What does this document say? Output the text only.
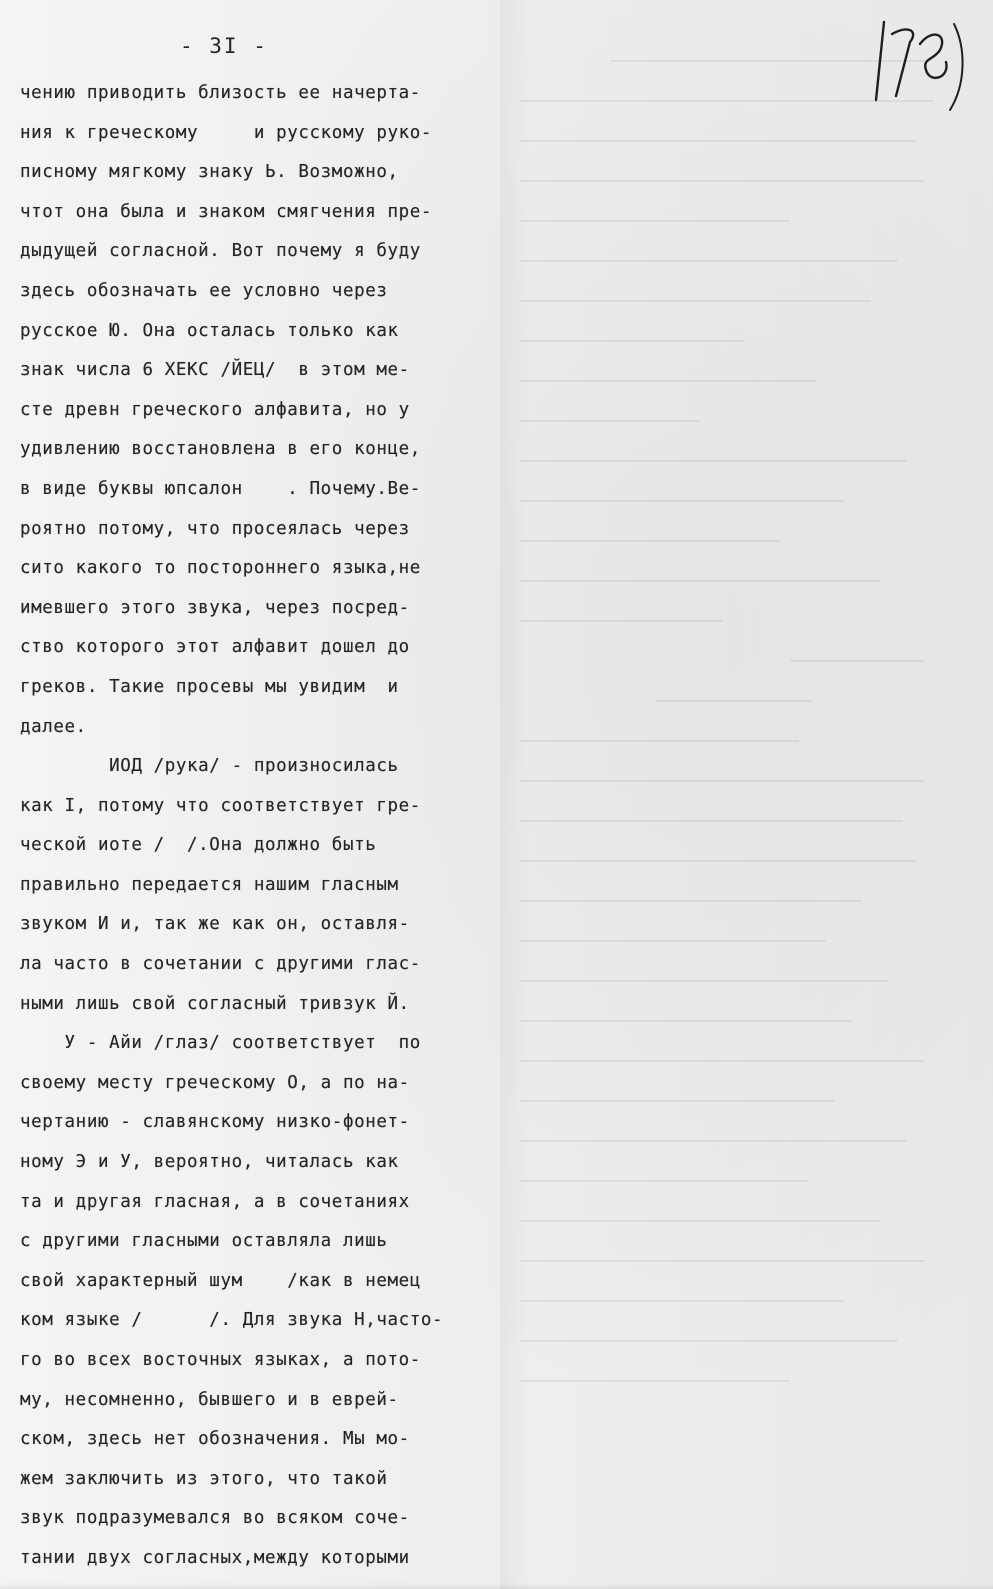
- 3I -
чению приводить близость ее начерта-
ния к греческому     и русскому руко-
писному мягкому знаку Ь. Возможно,
чтот она была и знаком смягчения пре-
дыдущей согласной. Вот почему я буду
здесь обозначать ее условно через
русское Ю. Она осталась только как
знак числа 6 ХЕКС /ЙЕЦ/  в этом ме-
сте древн греческого алфавита, но у
удивлению восстановлена в его конце,
в виде буквы юпсалон    . Почему.Ве-
роятно потому, что просеялась через
сито какого то постороннего языка,не
имевшего этого звука, через посред-
ство которого этот алфавит дошел до
греков. Такие просевы мы увидим  и
далее.
ИОД /рука/ - произносилась
как I, потому что соответствует гре-
ческой иоте /  /.Она должно быть
правильно передается нашим гласным
звуком И и, так же как он, оставля-
ла часто в сочетании с другими глас-
ными лишь свой согласный тривзук Й.
У - Айи /глаз/ соответствует  по
своему месту греческому О, а по на-
чертанию - славянскому низко-фонет-
ному Э и У, вероятно, читалась как
та и другая гласная, а в сочетаниях
с другими гласными оставляла лишь
свой характерный шум    /как в немец
ком языке /      /. Для звука Н,часто-
го во всех восточных языках, а пото-
му, несомненно, бывшего и в еврей-
ском, здесь нет обозначения. Мы мо-
жем заключить из этого, что такой
звук подразумевался во всяком соче-
тании двух согласных,между которыми
